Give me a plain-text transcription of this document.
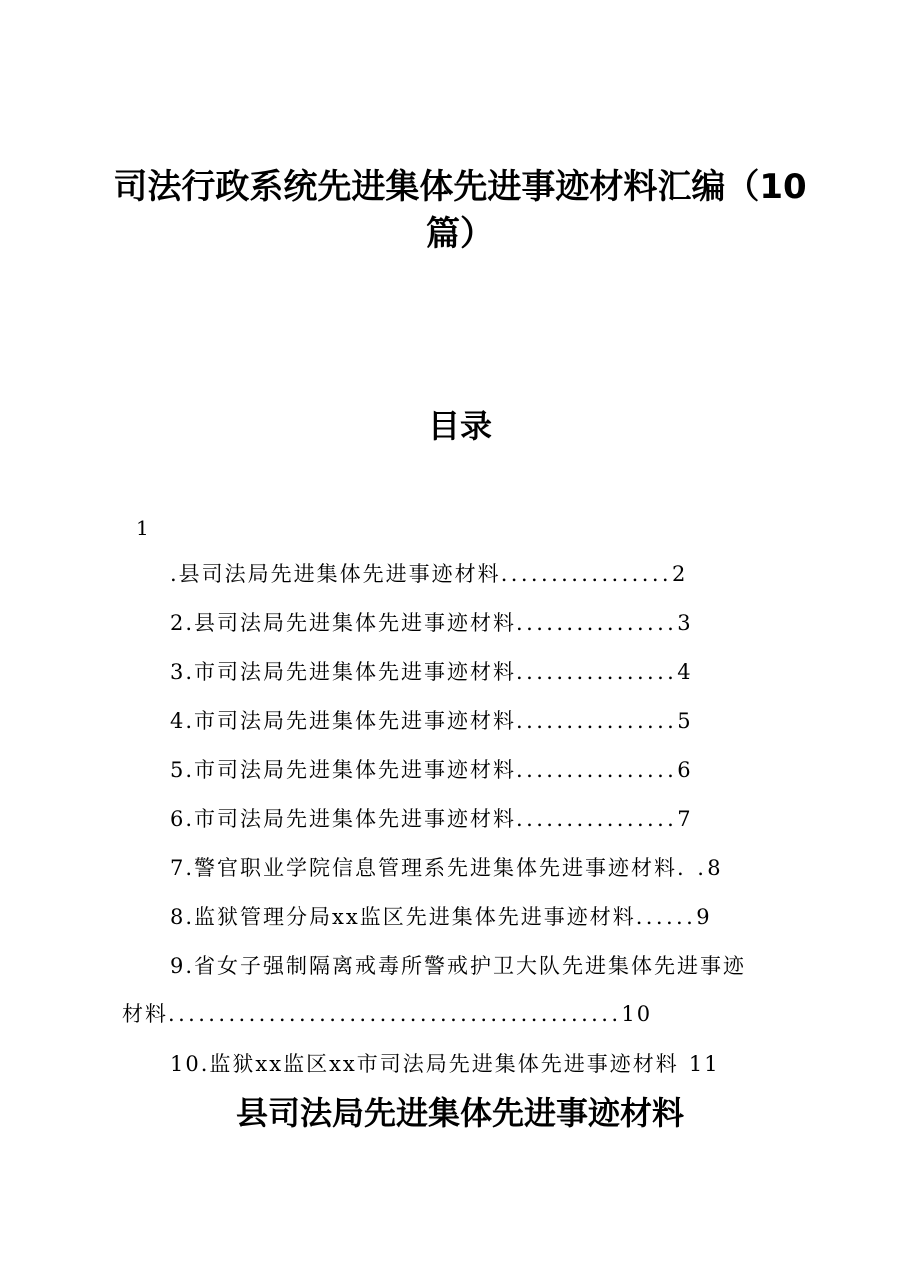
司法行政系统先进集体先进事迹材料汇编（10
篇）
目录
1
.县司法局先进集体先进事迹材料.................2
2.县司法局先进集体先进事迹材料................3
3.市司法局先进集体先进事迹材料................4
4.市司法局先进集体先进事迹材料................5
5.市司法局先进集体先进事迹材料................6
6.市司法局先进集体先进事迹材料................7
7.警官职业学院信息管理系先进集体先进事迹材料. .8
8.监狱管理分局xx监区先进集体先进事迹材料......9
9.省女子强制隔离戒毒所警戒护卫大队先进集体先进事迹
材料.............................................10
10.监狱xx监区xx市司法局先进集体先进事迹材料 11
县司法局先进集体先进事迹材料
